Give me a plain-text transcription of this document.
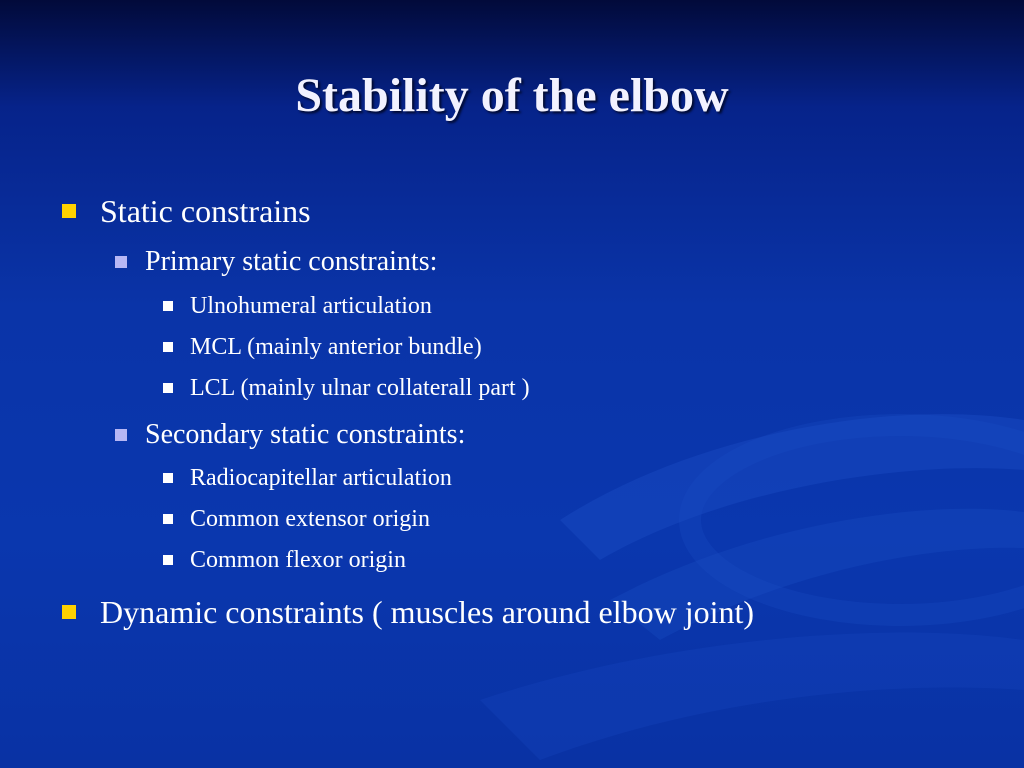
Stability of the elbow
Static constrains
Primary static constraints:
Ulnohumeral articulation
MCL (mainly anterior bundle)
LCL (mainly ulnar collaterall part )
Secondary static constraints:
Radiocapitellar articulation
Common extensor origin
Common flexor origin
Dynamic constraints ( muscles around elbow joint)
